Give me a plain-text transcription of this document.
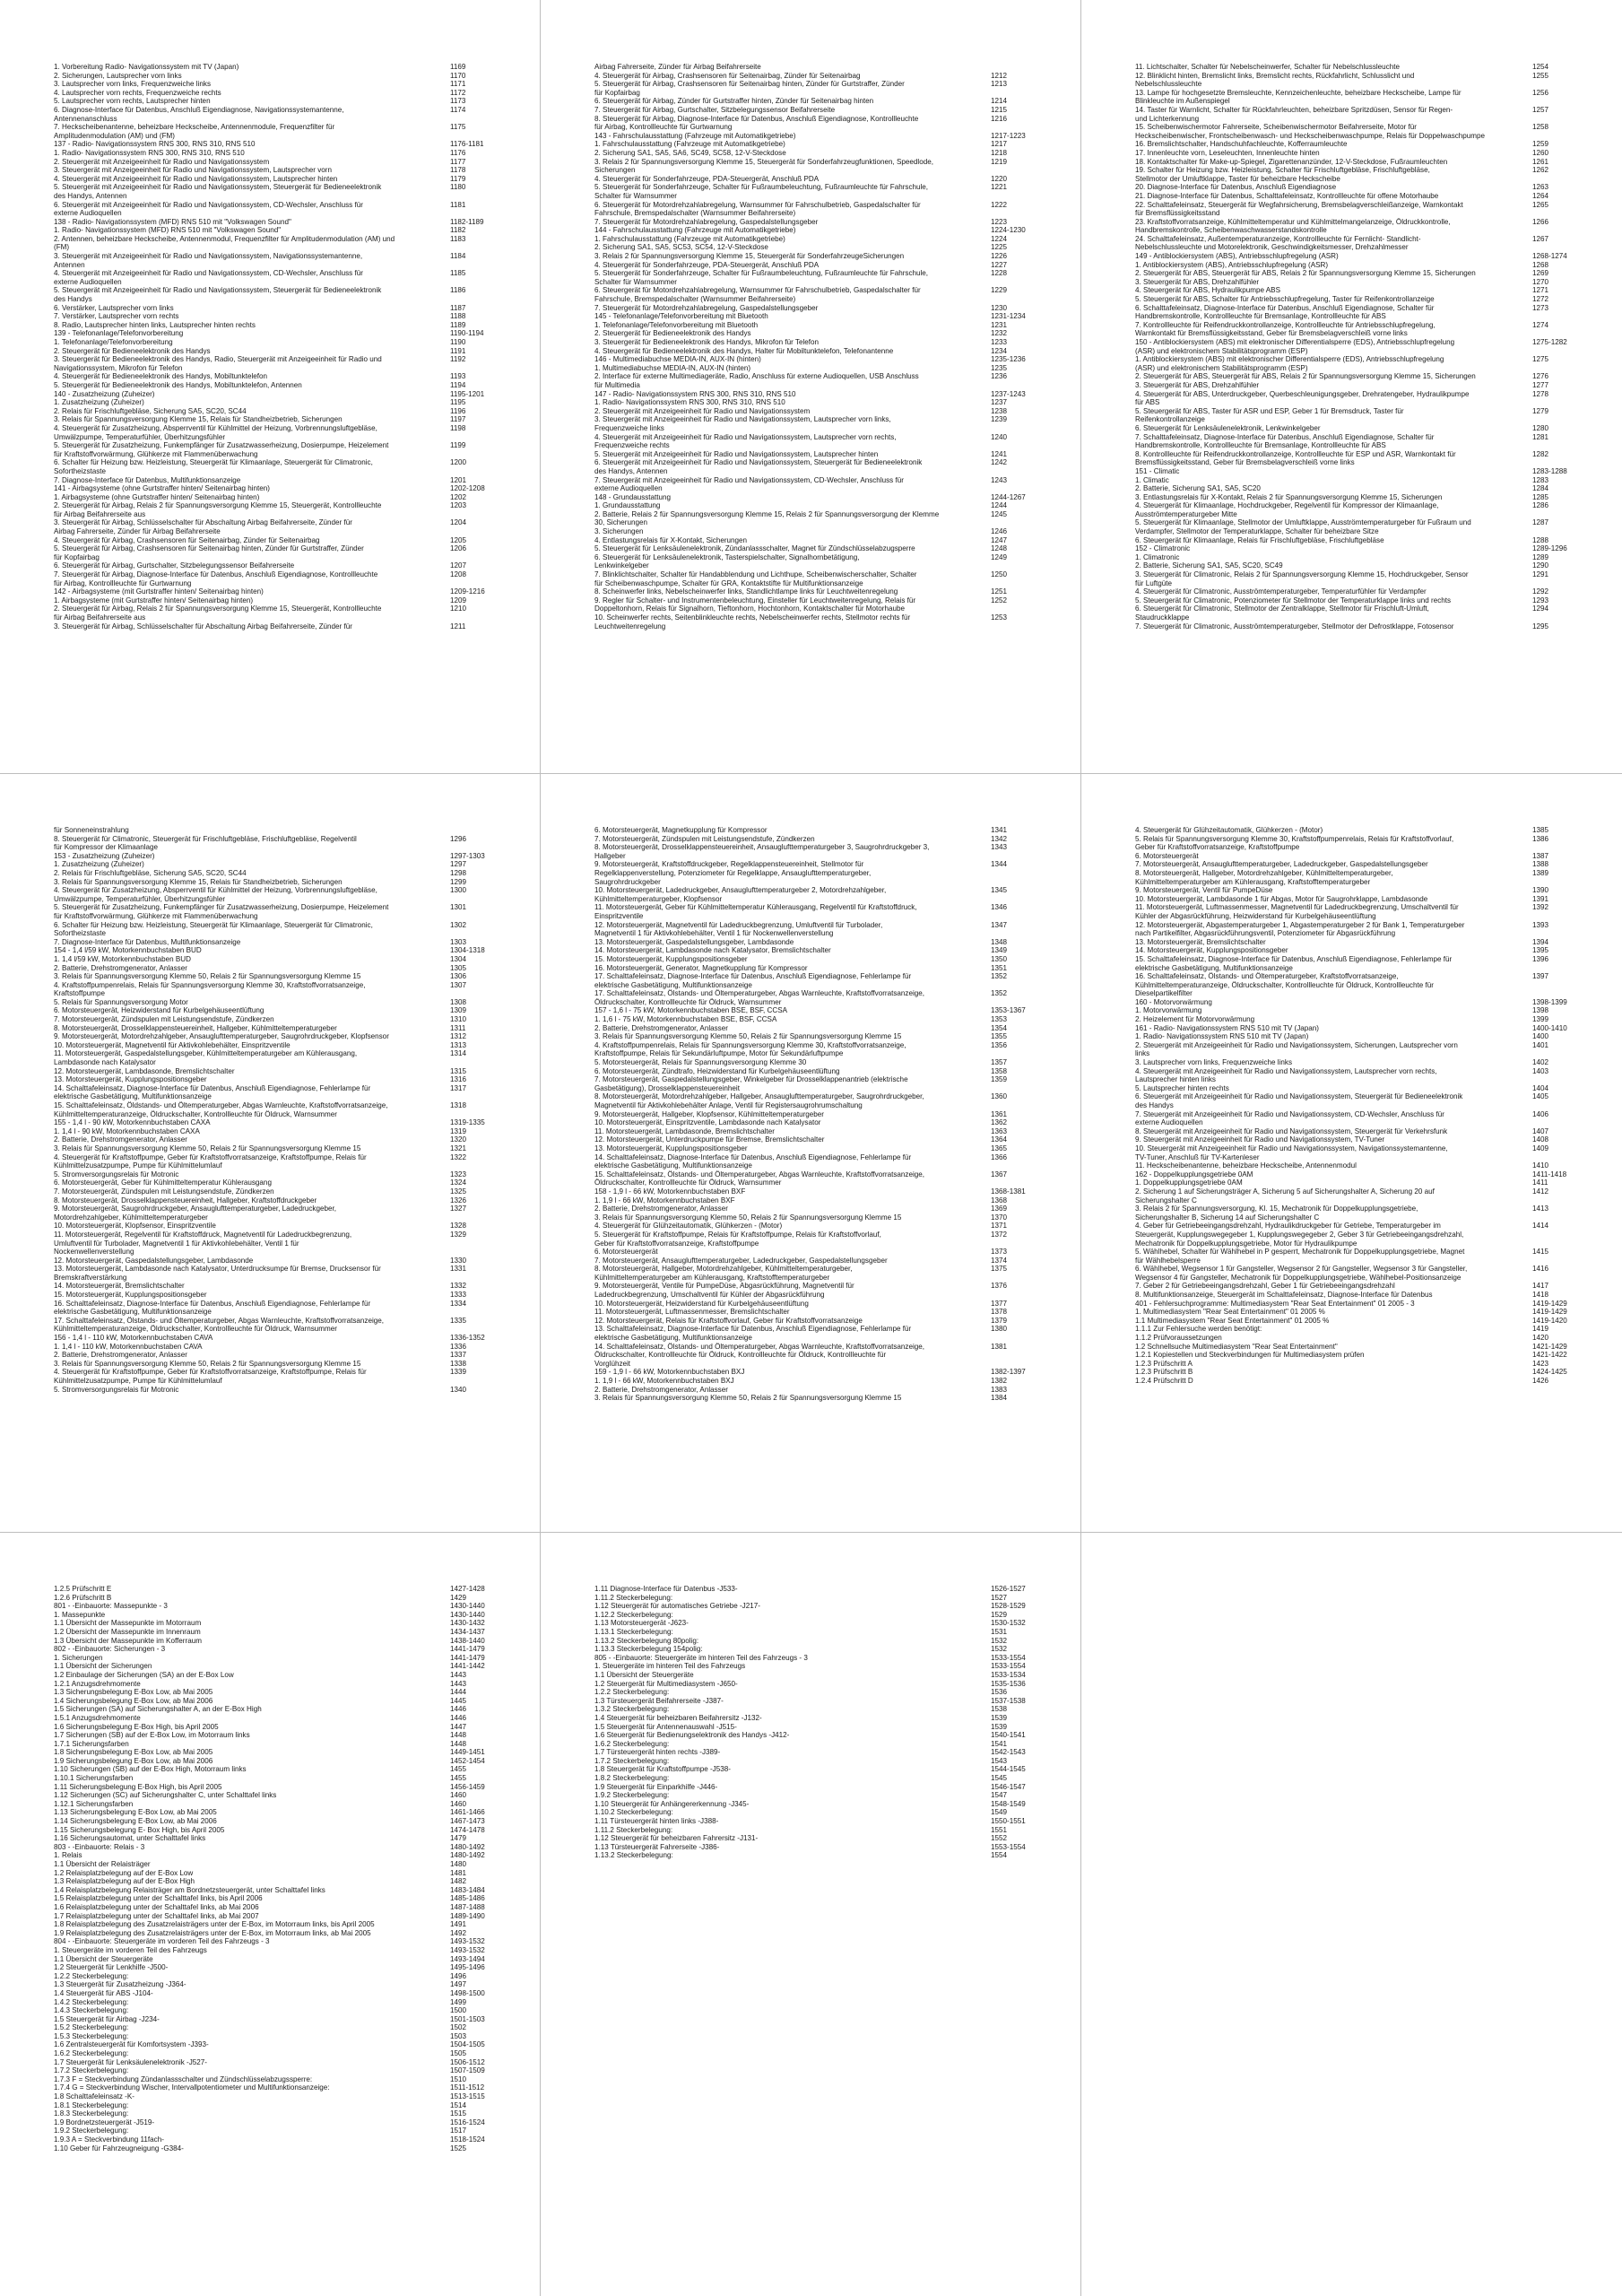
1. Vorbereitung Radio- Navigationssystem mit TV (Japan)	1169
2. Sicherungen, Lautsprecher vorn links	1170
3. Lautsprecher vorn links, Frequenzweiche links	1171
4. Lautsprecher vorn rechts, Frequenzweiche rechts	1172
5. Lautsprecher vorn rechts, Lautsprecher hinten	1173
6. Diagnose-Interface für Datenbus, Anschluß Eigendiagnose, Navigationssystemantenne,	1174
Antennenanschluss
7. Heckscheibenantenne, beheizbare Heckscheibe, Antennenmodule, Frequenzfilter für	1175
Amplitudenmodulation (AM) und (FM)
137 - Radio- Navigationssystem RNS 300, RNS 310, RNS 510	1176-1181
1. Radio- Navigationssystem RNS 300, RNS 310, RNS 510	1176
2. Steuergerät mit Anzeigeeinheit für Radio und Navigationssystem	1177
3. Steuergerät mit Anzeigeeinheit für Radio und Navigationssystem, Lautsprecher vorn	1178
4. Steuergerät mit Anzeigeeinheit für Radio und Navigationssystem, Lautsprecher hinten	1179
5. Steuergerät mit Anzeigeeinheit für Radio und Navigationssystem, Steuergerät für Bedieneelektronik	1180
des Handys, Antennen
6. Steuergerät mit Anzeigeeinheit für Radio und Navigationssystem, CD-Wechsler, Anschluss für	1181
externe Audioquellen
138 - Radio- Navigationssystem (MFD) RNS 510 mit "Volkswagen Sound"	1182-1189
1. Radio- Navigationssystem (MFD) RNS 510 mit "Volkswagen Sound"	1182
2. Antennen, beheizbare Heckscheibe, Antennenmodul, Frequenzfilter für Amplitudenmodulation (AM) und	1183
(FM)
3. Steuergerät mit Anzeigeeinheit für Radio und Navigationssystem, Navigationssystemantenne,	1184
Antennen
4. Steuergerät mit Anzeigeeinheit für Radio und Navigationssystem, CD-Wechsler, Anschluss für	1185
externe Audioquellen
5. Steuergerät mit Anzeigeeinheit für Radio und Navigationssystem, Steuergerät für Bedieneelektronik	1186
des Handys
6. Verstärker, Lautsprecher vorn links	1187
7. Verstärker, Lautsprecher vorn rechts	1188
8. Radio, Lautsprecher hinten links, Lautsprecher hinten rechts	1189
139 - Telefonanlage/Telefonvorbereitung	1190-1194
1. Telefonanlage/Telefonvorbereitung	1190
2. Steuergerät für Bedieneelektronik des Handys	1191
3. Steuergerät für Bedieneelektronik des Handys, Radio, Steuergerät mit Anzeigeeinheit für Radio und	1192
Navigationssystem, Mikrofon für Telefon
4. Steuergerät für Bedieneelektronik des Handys, Mobiltunktelefon	1193
5. Steuergerät für Bedieneelektronik des Handys, Mobiltunktelefon, Antennen	1194
140 - Zusatzheizung (Zuheizer)	1195-1201
1. Zusatzheizung (Zuheizer)	1195
2. Relais für Frischluftgebläse, Sicherung SA5, SC20, SC44	1196
3. Relais für Spannungsversorgung Klemme 15, Relais für Standheizbetrieb, Sicherungen	1197
4. Steuergerät für Zusatzheizung, Absperrventil für Kühlmittel der Heizung, Vorbrennungsluftgebläse,	1198
Umwälzpumpe, Temperaturfühler, Überhitzungsfühler
5. Steuergerät für Zusatzheizung, Funkempfänger für Zusatzwasserheizung, Dosierpumpe, Heizelement	1199
für Kraftstoffvorwärmung, Glühkerze mit Flammenüberwachung
6. Schalter für Heizung bzw. Heizleistung, Steuergerät für Klimaanlage, Steuergerät für Climatronic,	1200
Sofortheizstaste
7. Diagnose-Interface für Datenbus, Multifunktionsanzeige	1201
141 - Airbagsysteme (ohne Gurtstraffer hinten/ Seitenairbag hinten)	1202-1208
1. Airbagsysteme (ohne Gurtstraffer hinten/ Seitenairbag hinten)	1202
2. Steuergerät für Airbag, Relais 2 für Spannungsversorgung Klemme 15, Steuergerät, Kontrollleuchte	1203
für Airbag Beifahrerseite aus
3. Steuergerät für Airbag, Schlüsselschalter für Abschaltung Airbag Beifahrerseite, Zünder für	1204
Airbag Fahrerseite, Zünder für Airbag Beifahrerseite
4. Steuergerät für Airbag, Crashsensoren für Seitenairbag, Zünder für Seitenairbag	1205
5. Steuergerät für Airbag, Crashsensoren für Seitenairbag hinten, Zünder für Gurtstraffer, Zünder	1206
für Kopfairbag
6. Steuergerät für Airbag, Gurtschalter, Sitzbelegungssensor Beifahrerseite	1207
7. Steuergerät für Airbag, Diagnose-Interface für Datenbus, Anschluß Eigendiagnose, Kontrollleuchte	1208
für Airbag, Kontrollleuchte für Gurtwarnung
142 - Airbagsysteme (mit Gurtstraffer hinten/ Seitenairbag hinten)	1209-1216
1. Airbagsysteme (mit Gurtstraffer hinten/ Seitenairbag hinten)	1209
2. Steuergerät für Airbag, Relais 2 für Spannungsversorgung Klemme 15, Steuergerät, Kontrollleuchte	1210
für Airbag Beifahrerseite aus
3. Steuergerät für Airbag, Schlüsselschalter für Abschaltung Airbag Beifahrerseite, Zünder für	1211
Airbag Fahrerseite, Zünder für Airbag Beifahrerseite
4. Steuergerät für Airbag, Crashsensoren für Seitenairbag, Zünder für Seitenairbag	1212
5. Steuergerät für Airbag, Crashsensoren für Seitenairbag hinten, Zünder für Gurtstraffer, Zünder	1213
für Kopfairbag
6. Steuergerät für Airbag, Zünder für Gurtstraffer hinten, Zünder für Seitenairbag hinten	1214
7. Steuergerät für Airbag, Gurtschalter, Sitzbelegungssensor Beifahrerseite	1215
8. Steuergerät für Airbag, Diagnose-Interface für Datenbus, Anschluß Eigendiagnose, Kontrollleuchte	1216
für Airbag, Kontrollleuchte für Gurtwarnung
143 - Fahrschulausstattung (Fahrzeuge mit Automatikgetriebe)	1217-1223
1. Fahrschulausstattung (Fahrzeuge mit Automatikgetriebe)	1217
2. Sicherung SA1, SA5, SA6, SC49, SC58, 12-V-Steckdose	1218
3. Relais 2 für Spannungsversorgung Klemme 15, Steuergerät für Sonderfahrzeugfunktionen, Speedlode,	1219
Sicherungen
4. Steuergerät für Sonderfahrzeuge, PDA-Steuergerät, Anschluß PDA	1220
5. Steuergerät für Sonderfahrzeuge, Schalter für Fußraumbeleuchtung, Fußraumleuchte für Fahrschule,	1221
Schalter für Warnsummer
6. Steuergerät für Motordrehzahlabregelung, Warnsummer für Fahrschulbetrieb, Gaspedalschalter für	1222
Fahrschule, Bremspedalschalter (Warnsummer Beifahrerseite)
7. Steuergerät für Motordrehzahlabregelung, Gaspedalstellungsgeber	1223
144 - Fahrschulausstattung (Fahrzeuge mit Automatikgetriebe)	1224-1230
1. Fahrschulausstattung (Fahrzeuge mit Automatikgetriebe)	1224
2. Sicherung SA1, SA5, SC53, SC54, 12-V-Steckdose	1225
3. Relais 2 für Spannungsversorgung Klemme 15, Steuergerät für SonderfahrzeugeSicherungen	1226
4. Steuergerät für Sonderfahrzeuge, PDA-Steuergerät, Anschluß PDA	1227
5. Steuergerät für Sonderfahrzeuge, Schalter für Fußraumbeleuchtung, Fußraumleuchte für Fahrschule,	1228
Schalter für Warnsummer
6. Steuergerät für Motordrehzahlabregelung, Warnsummer für Fahrschulbetrieb, Gaspedalschalter für	1229
Fahrschule, Bremspedalschalter (Warnsummer Beifahrerseite)
7. Steuergerät für Motordrehzahlabregelung, Gaspedalstellungsgeber	1230
145 - Telefonanlage/Telefonvorbereitung mit Bluetooth	1231-1234
1. Telefonanlage/Telefonvorbereitung mit Bluetooth	1231
2. Steuergerät für Bedieneelektronik des Handys	1232
3. Steuergerät für Bedieneelektronik des Handys, Mikrofon für Telefon	1233
4. Steuergerät für Bedieneelektronik des Handys, Halter für Mobiltunktelefon, Telefonantenne	1234
146 - Multimediabuchse MEDIA-IN, AUX-IN (hinten)	1235-1236
1. Multimediabuchse MEDIA-IN, AUX-IN (hinten)	1235
2. Interface für externe Multimediageräte, Radio, Anschluss für externe Audioquellen, USB Anschluss	1236
für Multimedia
147 - Radio- Navigationssystem RNS 300, RNS 310, RNS 510	1237-1243
1. Radio- Navigationssystem RNS 300, RNS 310, RNS 510	1237
2. Steuergerät mit Anzeigeeinheit für Radio und Navigationssystem	1238
3. Steuergerät mit Anzeigeeinheit für Radio und Navigationssystem, Lautsprecher vorn links,	1239
Frequenzweiche links
4. Steuergerät mit Anzeigeeinheit für Radio und Navigationssystem, Lautsprecher vorn rechts,	1240
Frequenzweiche rechts
5. Steuergerät mit Anzeigeeinheit für Radio und Navigationssystem, Lautsprecher hinten	1241
6. Steuergerät mit Anzeigeeinheit für Radio und Navigationssystem, Steuergerät für Bedieneelektronik	1242
des Handys, Antennen
7. Steuergerät mit Anzeigeeinheit für Radio und Navigationssystem, CD-Wechsler, Anschluss für	1243
externe Audioquellen
148 - Grundausstattung	1244-1267
1. Grundausstattung	1244
2. Batterie, Relais 2 für Spannungsversorgung Klemme 15, Relais 2 für Spannungsversorgung der Klemme	1245
30, Sicherungen
3. Sicherungen	1246
4. Entlastungsrelais für X-Kontakt, Sicherungen	1247
5. Steuergerät für Lenksäulenelektronik, Zündanlassschalter, Magnet für Zündschlüsselabzugsperre	1248
6. Steuergerät für Lenksäulenelektronik, Tasterspielschalter, Signalhornbetätigung,	1249
Lenkwinkelgeber
7. Blinklichtschalter, Schalter für Handabblendung und Lichthupe, Scheibenwischerschalter, Schalter	1250
für Scheibenwaschpumpe, Schalter für GRA, Kontaktstifte für Multifunktionsanzeige
8. Scheinwerfer links, Nebelscheinwerfer links, Standlichtlampe links für Leuchtweitenregelung	1251
9. Regler für Schalter- und Instrumentenbeleuchtung, Einsteller für Leuchtweitenregelung, Relais für	1252
Doppeltonhorn, Relais für Signalhorn, Tieftonhorn, Hochtonhorn, Kontaktschalter für Motorhaube
10. Scheinwerfer rechts, Seitenblinkleuchte rechts, Nebelscheinwerfer rechts, Stellmotor rechts für	1253
Leuchtweitenregelung
11. Lichtschalter, Schalter für Nebelscheinwerfer, Schalter für Nebelschlussleuchte	1254
12. Blinklicht hinten, Bremslicht links, Bremslicht rechts, Rückfahrlicht, Schlusslicht und	1255
Nebelschlussleuchte
13. Lampe für hochgesetzte Bremsleuchte, Kennzeichenleuchte, beheizbare Heckscheibe, Lampe für	1256
Blinkleuchte im Außenspiegel
14. Taster für Warnlicht, Schalter für Rückfahrleuchten, beheizbare Spritzdüsen, Sensor für Regen-	1257
und Lichterkennung
15. Scheibenwischermotor Fahrerseite, Scheibenwischermotor Beifahrerseite, Motor für	1258
Heckscheibenwischer, Frontscheibenwasch- und Heckscheibenwaschpumpe, Relais für Doppelwaschpumpe
16. Bremslichtschalter, Handschuhfachleuchte, Kofferraumleuchte	1259
17. Innenleuchte vorn, Leseleuchten, Innenleuchte hinten	1260
18. Kontaktschalter für Make-up-Spiegel, Zigarettenanzünder, 12-V-Steckdose, Fußraumleuchten	1261
19. Schalter für Heizung bzw. Heizleistung, Schalter für Frischluftgebläse, Frischluftgebläse,	1262
Stellmotor der Umluftklappe, Taster für beheizbare Heckscheibe
20. Diagnose-Interface für Datenbus, Anschluß Eigendiagnose	1263
21. Diagnose-Interface für Datenbus, Schalttafeleinsatz, Kontrollleuchte für offene Motorhaube	1264
22. Schalttafeleinsatz, Steuergerät für Wegfahrsicherung, Bremsbelagverschleißanzeige, Warnkontakt	1265
für Bremsflüssigkeitsstand
23. Kraftstoffvorratsanzeige, Kühlmitteltemperatur und Kühlmittelmangelanzeige, Öldruckkontrolle,	1266
Handbremskontrolle, Scheibenwaschwasserstandskontrolle
24. Schalttafeleinsatz, Außentemperaturanzeige, Kontrollleuchte für Fernlicht- Standlicht-	1267
Nebelschlussleuchte und Motorelektronik, Geschwindigkeitsmesser, Drehzahlmesser
149 - Antiblockiersystem (ABS), Antriebsschlupfregelung (ASR)	1268-1274
1. Antiblockiersystem (ABS), Antriebsschlupfregelung (ASR)	1268
2. Steuergerät für ABS, Steuergerät für ABS, Relais 2 für Spannungsversorgung Klemme 15, Sicherungen	1269
3. Steuergerät für ABS, Drehzahlfühler	1270
4. Steuergerät für ABS, Hydraulikpumpe ABS	1271
5. Steuergerät für ABS, Schalter für Antriebsschlupfregelung, Taster für Reifenkontrollanzeige	1272
6. Schalttafeleinsatz, Diagnose-Interface für Datenbus, Anschluß Eigendiagnose, Schalter für	1273
Handbremskontrolle, Kontrollleuchte für Bremsanlage, Kontrollleuchte für ABS
7. Kontrollleuchte für Reifendruckkontrollanzeige, Kontrollleuchte für Antriebsschlupfregelung,	1274
Warnkontakt für Bremsflüssigkeitsstand, Geber für Bremsbelagverschleiß vorne links
150 - Antiblockiersystem (ABS) mit elektronischer Differentialsperre (EDS), Antriebsschlupfregelung	1275-1282
(ASR) und elektronischem Stabilitätsprogramm (ESP)
1. Antiblockiersystem (ABS) mit elektronischer Differentialsperre (EDS), Antriebsschlupfregelung	1275
(ASR) und elektronischem Stabilitätsprogramm (ESP)
2. Steuergerät für ABS, Steuergerät für ABS, Relais 2 für Spannungsversorgung Klemme 15, Sicherungen	1276
3. Steuergerät für ABS, Drehzahlfühler	1277
4. Steuergerät für ABS, Unterdruckgeber, Querbeschleunigungsgeber, Drehratengeber, Hydraulikpumpe	1278
für ABS
5. Steuergerät für ABS, Taster für ASR und ESP, Geber 1 für Bremsdruck, Taster für	1279
Reifenkontrollanzeige
6. Steuergerät für Lenksäulenelektronik, Lenkwinkelgeber	1280
7. Schalttafeleinsatz, Diagnose-Interface für Datenbus, Anschluß Eigendiagnose, Schalter für	1281
Handbremskontrolle, Kontrollleuchte für Bremsanlage, Kontrollleuchte für ABS
8. Kontrollleuchte für Reifendruckkontrollanzeige, Kontrollleuchte für ESP und ASR, Warnkontakt für	1282
Bremsflüssigkeitsstand, Geber für Bremsbelagverschleiß vorne links
151 - Climatic	1283-1288
1. Climatic	1283
2. Batterie, Sicherung SA1, SA5, SC20	1284
3. Entlastungsrelais für X-Kontakt, Relais 2 für Spannungsversorgung Klemme 15, Sicherungen	1285
4. Steuergerät für Klimaanlage, Hochdruckgeber, Regelventil für Kompressor der Klimaanlage,	1286
Ausströmtemperaturgeber Mitte
5. Steuergerät für Klimaanlage, Stellmotor der Umluftklappe, Ausströmtemperaturgeber für Fußraum und	1287
Verdampfer, Stellmotor der Temperaturklappe, Schalter für beheizbare Sitze
6. Steuergerät für Klimaanlage, Relais für Frischluftgebläse, Frischluftgebläse	1288
152 - Climatronic	1289-1296
1. Climatronic	1289
2. Batterie, Sicherung SA1, SA5, SC20, SC49	1290
3. Steuergerät für Climatronic, Relais 2 für Spannungsversorgung Klemme 15, Hochdruckgeber, Sensor	1291
für Luftgüte
4. Steuergerät für Climatronic, Ausströmtemperaturgeber, Temperaturfühler für Verdampfer	1292
5. Steuergerät für Climatronic, Potenziometer für Stellmotor der Temperaturklappe links und rechts	1293
6. Steuergerät für Climatronic, Stellmotor der Zentralklappe, Stellmotor für Frischluft-Umluft,	1294
Staudruckklappe
7. Steuergerät für Climatronic, Ausströmtemperaturgeber, Stellmotor der Defrostklappe, Fotosensor	1295
für Sonneneinstrahlung
8. Steuergerät für Climatronic, Steuergerät für Frischluftgebläse, Frischluftgebläse, Regelventil	1296
für Kompressor der Klimaanlage
153 - Zusatzheizung (Zuheizer)	1297-1303
1. Zusatzheizung (Zuheizer)	1297
2. Relais für Frischluftgebläse, Sicherung SA5, SC20, SC44	1298
3. Relais für Spannungsversorgung Klemme 15, Relais für Standheizbetrieb, Sicherungen	1299
4. Steuergerät für Zusatzheizung, Absperrventil für Kühlmittel der Heizung, Vorbrennungsluftgebläse,	1300
Umwälzpumpe, Temperaturfühler, Überhitzungsfühler
5. Steuergerät für Zusatzheizung, Funkempfänger für Zusatzwasserheizung, Dosierpumpe, Heizelement	1301
für Kraftstoffvorwärmung, Glühkerze mit Flammenüberwachung
6. Schalter für Heizung bzw. Heizleistung, Steuergerät für Klimaanlage, Steuergerät für Climatronic,	1302
Sofortheizstaste
7. Diagnose-Interface für Datenbus, Multifunktionsanzeige	1303
154 - 1,4 l/59 kW, Motorkennbuchstaben BUD	1304-1318
1. 1,4 l/59 kW, Motorkennbuchstaben BUD	1304
2. Batterie, Drehstromgenerator, Anlasser	1305
3. Relais für Spannungsversorgung Klemme 50, Relais 2 für Spannungsversorgung Klemme 15	1306
4. Kraftstoffpumpenrelais, Relais für Spannungsversorgung Klemme 30, Kraftstoffvorratsanzeige,	1307
Kraftstoffpumpe
5. Relais für Spannungsversorgung Motor	1308
6. Motorsteuergerät, Heizwiderstand für Kurbelgehäuseentlüftung	1309
7. Motorsteuergerät, Zündspulen mit Leistungsendstufe, Zündkerzen	1310
8. Motorsteuergerät, Drosselklappensteuereinheit, Hallgeber, Kühlmitteltemperaturgeber	1311
9. Motorsteuergerät, Motordrehzahlgeber, Ansauglufttemperaturgeber, Saugrohrdruckgeber, Klopfsensor	1312
10. Motorsteuergerät, Magnetventil für Aktivkohlebehälter, Einspritzventile	1313
11. Motorsteuergerät, Gaspedalstellungsgeber, Kühlmitteltemperaturgeber am Kühlerausgang,	1314
Lambdasonde nach Katalysator
12. Motorsteuergerät, Lambdasonde, Bremslichtschalter	1315
13. Motorsteuergerät, Kupplungspositionsgeber	1316
14. Schalttafeleinsatz, Diagnose-Interface für Datenbus, Anschluß Eigendiagnose, Fehlerlampe für	1317
elektrische Gasbetätigung, Multifunktionsanzeige
15. Schalttafeleinsatz, Öldstands- und Öltemperaturgeber, Abgas Warnleuchte, Kraftstoffvorratsanzeige,	1318
Kühlmitteltemperaturanzeige, Öldruckschalter, Kontrollleuchte für Öldruck, Warnsummer
155 - 1,4 l - 90 kW, Motorkennbuchstaben CAXA	1319-1335
1. 1,4 l - 90 kW, Motorkennbuchstaben CAXA	1319
2. Batterie, Drehstromgenerator, Anlasser	1320
3. Relais für Spannungsversorgung Klemme 50, Relais 2 für Spannungsversorgung Klemme 15	1321
4. Steuergerät für Kraftstoffpumpe, Geber für Kraftstoffvorratsanzeige, Kraftstoffpumpe, Relais für	1322
Kühlmittelzusatzpumpe, Pumpe für Kühlmittelumlauf
5. Stromversorgungsrelais für Motronic	1323
6. Motorsteuergerät, Geber für Kühlmitteltemperatur Kühlerausgang	1324
7. Motorsteuergerät, Zündspulen mit Leistungsendstufe, Zündkerzen	1325
8. Motorsteuergerät, Drosselklappensteuereinheit, Hallgeber, Kraftstoffdruckgeber	1326
9. Motorsteuergerät, Saugrohrdruckgeber, Ansauglufttemperaturgeber, Ladedruckgeber,	1327
Motordrehzahlgeber, Kühlmitteltemperaturgeber
10. Motorsteuergerät, Klopfsensor, Einspritzventile	1328
11. Motorsteuergerät, Regelventil für Kraftstoffdruck, Magnetventil für Ladedruckbegrenzung,	1329
Umluftventil für Turbolader, Magnetventil 1 für Aktivkohlebehälter, Ventil 1 für
Nockenwellenverstellung
12. Motorsteuergerät, Gaspedalstellungsgeber, Lambdasonde	1330
13. Motorsteuergerät, Lambdasonde nach Katalysator, Unterdrucksumpe für Bremse, Drucksensor für	1331
Bremskraftverstärkung
14. Motorsteuergerät, Bremslichtschalter	1332
15. Motorsteuergerät, Kupplungspositionsgeber	1333
16. Schalttafeleinsatz, Diagnose-Interface für Datenbus, Anschluß Eigendiagnose, Fehlerlampe für	1334
elektrische Gasbetätigung, Multifunktionsanzeige
17. Schalttafeleinsatz, Ölstands- und Öltemperaturgeber, Abgas Warnleuchte, Kraftstoffvorratsanzeige,	1335
Kühlmitteltemperaturanzeige, Öldruckschalter, Kontrollleuchte für Öldruck, Warnsummer
156 - 1,4 l - 110 kW, Motorkennbuchstaben CAVA	1336-1352
1. 1,4 l - 110 kW, Motorkennbuchstaben CAVA	1336
2. Batterie, Drehstromgenerator, Anlasser	1337
3. Relais für Spannungsversorgung Klemme 50, Relais 2 für Spannungsversorgung Klemme 15	1338
4. Steuergerät für Kraftstoffpumpe, Geber für Kraftstoffvorratsanzeige, Kraftstoffpumpe, Relais für	1339
Kühlmittelzusatzpumpe, Pumpe für Kühlmittelumlauf
5. Stromversorgungsrelais für Motronic	1340
6. Motorsteuergerät, Magnetkupplung für Kompressor	1341
7. Motorsteuergerät, Zündspulen mit Leistungsendstufe, Zündkerzen	1342
8. Motorsteuergerät, Drosselklappensteuereinheit, Ansauglufttemperaturgeber 3, Saugrohrdruckgeber 3,	1343
Hallgeber
9. Motorsteuergerät, Kraftstoffdruckgeber, Regelklappensteuereinheit, Stellmotor für	1344
Regelklappenverstellung, Potenziometer für Regelklappe, Ansauglufttemperaturgeber,
Saugrohrdruckgeber
10. Motorsteuergerät, Ladedruckgeber, Ansauglufttemperaturgeber 2, Motordrehzahlgeber,	1345
Kühlmitteltemperaturgeber, Klopfsensor
11. Motorsteuergerät, Geber für Kühlmitteltemperatur Kühlerausgang, Regelventil für Kraftstoffdruck,	1346
Einspritzventile
12. Motorsteuergerät, Magnetventil für Ladedruckbegrenzung, Umluftventil für Turbolader,	1347
Magnetventil 1 für Aktivkohlebehälter, Ventil 1 für Nockenwellenverstellung
13. Motorsteuergerät, Gaspedalstellungsgeber, Lambdasonde	1348
14. Motorsteuergerät, Lambdasonde nach Katalysator, Bremslichtschalter	1349
15. Motorsteuergerät, Kupplungspositionsgeber	1350
16. Motorsteuergerät, Generator, Magnetkupplung für Kompressor	1351
17. Schalttafeleinsatz, Diagnose-Interface für Datenbus, Anschluß Eigendiagnose, Fehlerlampe für	1352
elektrische Gasbetätigung, Multifunktionsanzeige
17. Schalttafeleinsatz, Ölstands- und Öltemperaturgeber, Abgas Warnleuchte, Kraftstoffvorratsanzeige,	1352
Öldruckschalter, Kontrollleuchte für Öldruck, Warnsummer
157 - 1,6 l - 75 kW, Motorkennbuchstaben BSE, BSF, CCSA	1353-1367
1. 1,6 l - 75 kW, Motorkennbuchstaben BSE, BSF, CCSA	1353
2. Batterie, Drehstromgenerator, Anlasser	1354
3. Relais für Spannungsversorgung Klemme 50, Relais 2 für Spannungsversorgung Klemme 15	1355
4. Kraftstoffpumpenrelais, Relais für Spannungsversorgung Klemme 30, Kraftstoffvorratsanzeige,	1356
Kraftstoffpumpe, Relais für Sekundärluftpumpe, Motor für Sekundärluftpumpe
5. Motorsteuergerät, Relais für Spannungsversorgung Klemme 30	1357
6. Motorsteuergerät, Zündtrafo, Heizwiderstand für Kurbelgehäuseentlüftung	1358
7. Motorsteuergerät, Gaspedalstellungsgeber, Winkelgeber für Drosselklappenantrieb (elektrische	1359
Gasbetätigung), Drosselklappensteuereinheit
8. Motorsteuergerät, Motordrehzahlgeber, Hallgeber, Ansauglufttemperaturgeber, Saugrohrdruckgeber,	1360
Magnetventil für Aktivkohlebehälter Anlage, Ventil für Registersaugrohrumschaltung
9. Motorsteuergerät, Hallgeber, Klopfsensor, Kühlmitteltemperaturgeber	1361
10. Motorsteuergerät, Einspritzventile, Lambdasonde nach Katalysator	1362
11. Motorsteuergerät, Lambdasonde, Bremslichtschalter	1363
12. Motorsteuergerät, Unterdruckpumpe für Bremse, Bremslichtschalter	1364
13. Motorsteuergerät, Kupplungspositionsgeber	1365
14. Schalttafeleinsatz, Diagnose-Interface für Datenbus, Anschluß Eigendiagnose, Fehlerlampe für	1366
elektrische Gasbetätigung, Multifunktionsanzeige
15. Schalttafeleinsatz, Ölstands- und Öltemperaturgeber, Abgas Warnleuchte, Kraftstoffvorratsanzeige,	1367
Öldruckschalter, Kontrollleuchte für Öldruck, Warnsummer
158 - 1,9 l - 66 kW, Motorkennbuchstaben BXF	1368-1381
1. 1,9 l - 66 kW, Motorkennbuchstaben BXF	1368
2. Batterie, Drehstromgenerator, Anlasser	1369
3. Relais für Spannungsversorgung Klemme 50, Relais 2 für Spannungsversorgung Klemme 15	1370
4. Steuergerät für Glühzeitautomatik, Glühkerzen - (Motor)	1371
5. Steuergerät für Kraftstoffpumpe, Relais für Kraftstoffpumpe, Relais für Kraftstoffvorlauf,	1372
Geber für Kraftstoffvorratsanzeige, Kraftstoffpumpe
6. Motorsteuergerät	1373
7. Motorsteuergerät, Ansauglufttemperaturgeber, Ladedruckgeber, Gaspedalstellungsgeber	1374
8. Motorsteuergerät, Hallgeber, Motordrehzahlgeber, Kühlmitteltemperaturgeber,	1375
Kühlmitteltemperaturgeber am Kühlerausgang, Kraftstofftemperaturgeber
9. Motorsteuergerät, Ventile für PumpeDüse, Abgasrückführung, Magnetventil für	1376
Ladedruckbegrenzung, Umschaltventil für Kühler der Abgasrückführung
10. Motorsteuergerät, Heizwiderstand für Kurbelgehäuseentlüftung	1377
11. Motorsteuergerät, Luftmassenmesser, Bremslichtschalter	1378
12. Motorsteuergerät, Relais für Kraftstoffvorlauf, Geber für Kraftstoffvorratsanzeige	1379
13. Schalttafeleinsatz, Diagnose-Interface für Datenbus, Anschluß Eigendiagnose, Fehlerlampe für	1380
elektrische Gasbetätigung, Multifunktionsanzeige
14. Schalttafeleinsatz, Ölstands- und Öltemperaturgeber, Abgas Warnleuchte, Kraftstoffvorratsanzeige,	1381
Öldruckschalter, Kontrollleuchte für Öldruck, Kontrollleuchte für Öldruck, Kontrollleuchte für
Vorglühzeit
159 - 1,9 l - 66 kW, Motorkennbuchstaben BXJ	1382-1397
1. 1,9 l - 66 kW, Motorkennbuchstaben BXJ	1382
2. Batterie, Drehstromgenerator, Anlasser	1383
3. Relais für Spannungsversorgung Klemme 50, Relais 2 für Spannungsversorgung Klemme 15	1384
4. Steuergerät für Glühzeitautomatik, Glühkerzen - (Motor)	1385
5. Relais für Spannungsversorgung Klemme 30, Kraftstoffpumpenrelais, Relais für Kraftstoffvorlauf,	1386
Geber für Kraftstoffvorratsanzeige, Kraftstoffpumpe
6. Motorsteuergerät	1387
7. Motorsteuergerät, Ansauglufttemperaturgeber, Ladedruckgeber, Gaspedalstellungsgeber	1388
8. Motorsteuergerät, Hallgeber, Motordrehzahlgeber, Kühlmitteltemperaturgeber,	1389
Kühlmitteltemperaturgeber am Kühlerausgang, Kraftstofftemperaturgeber
9. Motorsteuergerät, Ventil für PumpeDüse	1390
10. Motorsteuergerät, Lambdasonde 1 für Abgas, Motor für Saugrohrklappe, Lambdasonde	1391
11. Motorsteuergerät, Luftmassenmesser, Magnetventil für Ladedruckbegrenzung, Umschaltventil für	1392
Kühler der Abgasrückführung, Heizwiderstand für Kurbelgehäuseentlüftung
12. Motorsteuergerät, Abgastemperaturgeber 1, Abgastemperaturgeber 2 für Bank 1, Temperaturgeber	1393
nach Partikelfilter, Abgasrückführungsventil, Potenziometer für Abgasrückführung
13. Motorsteuergerät, Bremslichtschalter	1394
14. Motorsteuergerät, Kupplungspositionsgeber	1395
15. Schalttafeleinsatz, Diagnose-Interface für Datenbus, Anschluß Eigendiagnose, Fehlerlampe für	1396
elektrische Gasbetätigung, Multifunktionsanzeige
16. Schalttafeleinsatz, Ölstands- und Öltemperaturgeber, Kraftstoffvorratsanzeige,	1397
Kühlmitteltemperaturanzeige, Öldruckschalter, Kontrollleuchte für Öldruck, Kontrollleuchte für
Dieselpartikelfilter
160 - Motorvorwärmung	1398-1399
1. Motorvorwärmung	1398
2. Heizelement für Motorvorwärmung	1399
161 - Radio- Navigationssystem RNS 510 mit TV (Japan)	1400-1410
1. Radio- Navigationssystem RNS 510 mit TV (Japan)	1400
2. Steuergerät mit Anzeigeeinheit für Radio und Navigationssystem, Sicherungen, Lautsprecher vorn	1401
links
3. Lautsprecher vorn links, Frequenzweiche links	1402
4. Steuergerät mit Anzeigeeinheit für Radio und Navigationssystem, Lautsprecher vorn rechts,	1403
Lautsprecher hinten links
5. Lautsprecher hinten rechts	1404
6. Steuergerät mit Anzeigeeinheit für Radio und Navigationssystem, Steuergerät für Bedieneelektronik	1405
des Handys
7. Steuergerät mit Anzeigeeinheit für Radio und Navigationssystem, CD-Wechsler, Anschluss für	1406
externe Audioquellen
8. Steuergerät mit Anzeigeeinheit für Radio und Navigationssystem, Steuergerät für Verkehrsfunk	1407
9. Steuergerät mit Anzeigeeinheit für Radio und Navigationssystem, TV-Tuner	1408
10. Steuergerät mit Anzeigeeinheit für Radio und Navigationssystem, Navigationssystemantenne,	1409
TV-Tuner, Anschluß für TV-Kartenleser
11. Heckscheibenantenne, beheizbare Heckscheibe, Antennenmodul	1410
162 - Doppelkupplungsgetriebe 0AM	1411-1418
1. Doppelkupplungsgetriebe 0AM	1411
2. Sicherung 1 auf Sicherungsträger A, Sicherung 5 auf Sicherungshalter A, Sicherung 20 auf	1412
Sicherungshalter C
3. Relais 2 für Spannungsversorgung, Kl. 15, Mechatronik für Doppelkupplungsgetriebe,	1413
Sicherungshalter B, Sicherung 14 auf Sicherungshalter C
4. Geber für Getriebeeingangsdrehzahl, Hydraulikdruckgeber für Getriebe, Temperaturgeber im	1414
Steuergerät, Kupplungswegegeber 1, Kupplungswegegeber 2, Geber 3 für Getriebeeingangsdrehzahl,
Mechatronik für Doppelkupplungsgetriebe, Motor für Hydraulikpumpe
5. Wählhebel, Schalter für Wählhebel in P gesperrt, Mechatronik für Doppelkupplungsgetriebe, Magnet	1415
für Wählhebelsperre
6. Wählhebel, Wegsensor 1 für Gangsteller, Wegsensor 2 für Gangsteller, Wegsensor 3 für Gangsteller,	1416
Wegsensor 4 für Gangsteller, Mechatronik für Doppelkupplungsgetriebe, Wählhebel-Positionsanzeige
7. Geber 2 für Getriebeeingangsdrehzahl, Geber 1 für Getriebeeingangsdrehzahl	1417
8. Multifunktionsanzeige, Steuergerät im Schalttafeleinsatz, Diagnose-Interface für Datenbus	1418
401 - Fehlersuchprogramme: Multimediasystem "Rear Seat Entertainment" 01 2005 - 3	1419-1429
1. Multimediasystem "Rear Seat Entertainment" 01 2005 %	1419-1429
1.1 Multimediasystem "Rear Seat Entertainment" 01 2005 %	1419-1420
1.1.1 Zur Fehlersuche werden benötigt:	1419
1.1.2 Prüfvoraussetzungen	1420
1.2 Schnellsuche Multimediasystem "Rear Seat Entertainment"	1421-1429
1.2.1 Kopiestellen und Steckverbindungen für Multimediasystem prüfen	1421-1422
1.2.3 Prüfschritt A	1423
1.2.3 Prüfschritt B	1424-1425
1.2.4 Prüfschritt D	1426
1.2.5 Prüfschritt E	1427-1428
1.2.6 Prüfschritt B	1429
801 - -Einbauorte: Massepunkte - 3	1430-1440
1. Massepunkte	1430-1440
1.1 Übersicht der Massepunkte im Motorraum	1430-1432
1.2 Übersicht der Massepunkte im Innenraum	1434-1437
1.3 Übersicht der Massepunkte im Kofferraum	1438-1440
802 - -Einbauorte: Sicherungen - 3	1441-1479
1. Sicherungen	1441-1479
1.1 Übersicht der Sicherungen	1441-1442
1.2 Einbaulage der Sicherungen (SA) an der E-Box Low	1443
1.2.1 Anzugsdrehmomente	1443
1.3 Sicherungsbelegung E-Box Low, ab Mai 2005	1444
1.4 Sicherungsbelegung E-Box Low, ab Mai 2006	1445
1.5 Sicherungen (SA) auf Sicherungshalter A, an der E-Box High	1446
1.5.1 Anzugsdrehmomente	1446
1.6 Sicherungsbelegung E-Box High, bis April 2005	1447
1.7 Sicherungen (SB) auf der E-Box Low, im Motorraum links	1448
1.7.1 Sicherungsfarben	1448
1.8 Sicherungsbelegung E-Box Low, ab Mai 2005	1449-1451
1.9 Sicherungsbelegung E-Box Low, ab Mai 2006	1452-1454
1.10 Sicherungen (SB) auf der E-Box High, Motorraum links	1455
1.10.1 Sicherungsfarben	1455
1.11 Sicherungsbelegung E-Box High, bis April 2005	1456-1459
1.12 Sicherungen (SC) auf Sicherungshalter C, unter Schalttafel links	1460
1.12.1 Sicherungsfarben	1460
1.13 Sicherungsbelegung E-Box Low, ab Mai 2005	1461-1466
1.14 Sicherungsbelegung E-Box Low, ab Mai 2006	1467-1473
1.15 Sicherungsbelegung E- Box High, bis April 2005	1474-1478
1.16 Sicherungsautomat, unter Schalttafel links	1479
803 - -Einbauorte: Relais - 3	1480-1492
1. Relais	1480-1492
1.1 Übersicht der Relaisträger	1480
1.2 Relaisplatzbelegung auf der E-Box Low	1481
1.3 Relaisplatzbelegung auf der E-Box High	1482
1.4 Relaisplatzbelegung Relaisträger am Bordnetzsteuergerät, unter Schalttafel links	1483-1484
1.5 Relaisplatzbelegung unter der Schalttafel links, bis April 2006	1485-1486
1.6 Relaisplatzbelegung unter der Schalttafel links, ab Mai 2006	1487-1488
1.7 Relaisplatzbelegung unter der Schalttafel links, ab Mai 2007	1489-1490
1.8 Relaisplatzbelegung des Zusatzrelaisträgers unter der E-Box, im Motorraum links, bis April 2005	1491
1.9 Relaisplatzbelegung des Zusatzrelaisträgers unter der E-Box, im Motorraum links, ab Mai 2005	1492
804 - -Einbauorte: Steuergeräte im vorderen Teil des Fahrzeugs - 3	1493-1532
1. Steuergeräte im vorderen Teil des Fahrzeugs	1493-1532
1.1 Übersicht der Steuergeräte	1493-1494
1.2 Steuergerät für Lenkhilfe -J500-	1495-1496
1.2.2 Steckerbelegung:	1496
1.3 Steuergerät für Zusatzheizung -J364-	1497
1.4 Steuergerät für ABS -J104-	1498-1500
1.4.2 Steckerbelegung:	1499
1.4.3 Steckerbelegung:	1500
1.5 Steuergerät für Airbag -J234-	1501-1503
1.5.2 Steckerbelegung:	1502
1.5.3 Steckerbelegung:	1503
1.6 Zentralsteuergerät für Komfortsystem -J393-	1504-1505
1.6.2 Steckerbelegung:	1505
1.7 Steuergerät für Lenksäulenelektronik -J527-	1506-1512
1.7.2 Steckerbelegung:	1507-1509
1.7.3 F = Steckverbindung Zündanlassschalter und Zündschlüsselabzugssperre:	1510
1.7.4 G = Steckverbindung Wischer, Intervallpotentiometer und Multifunktionsanzeige:	1511-1512
1.8 Schalttafeleinsatz -K-	1513-1515
1.8.1 Steckerbelegung:	1514
1.8.3 Steckerbelegung:	1515
1.9 Bordnetzsteuergerät -J519-	1516-1524
1.9.2 Steckerbelegung:	1517
1.9.3 A = Steckverbindung 11fach-	1518-1524
1.10 Geber für Fahrzeugneigung -G384-	1525
1.11 Diagnose-Interface für Datenbus -J533-	1526-1527
1.11.2 Steckerbelegung:	1527
1.12 Steuergerät für automatisches Getriebe -J217-	1528-1529
1.12.2 Steckerbelegung:	1529
1.13 Motorsteuergerät -J623-	1530-1532
1.13.1 Steckerbelegung:	1531
1.13.2 Steckerbelegung 80polig:	1532
1.13.3 Steckerbelegung 154polig:	1532
805 - -Einbauorte: Steuergeräte im hinteren Teil des Fahrzeugs - 3	1533-1554
1. Steuergeräte im hinteren Teil des Fahrzeugs	1533-1554
1.1 Übersicht der Steuergeräte	1533-1534
1.2 Steuergerät für Multimediasystem -J650-	1535-1536
1.2.2 Steckerbelegung:	1536
1.3 Türsteuergerät Beifahrerseite -J387-	1537-1538
1.3.2 Steckerbelegung:	1538
1.4 Steuergerät für beheizbaren Beifahrersitz -J132-	1539
1.5 Steuergerät für Antennenauswahl -J515-	1539
1.6 Steuergerät für Bedienungselektronik des Handys -J412-	1540-1541
1.6.2 Steckerbelegung:	1541
1.7 Türsteuergerät hinten rechts -J389-	1542-1543
1.7.2 Steckerbelegung:	1543
1.8 Steuergerät für Kraftstoffpumpe -J538-	1544-1545
1.8.2 Steckerbelegung:	1545
1.9 Steuergerät für Einparkhilfe -J446-	1546-1547
1.9.2 Steckerbelegung:	1547
1.10 Steuergerät für Anhängererkennung -J345-	1548-1549
1.10.2 Steckerbelegung:	1549
1.11 Türsteuergerät hinten links -J388-	1550-1551
1.11.2 Steckerbelegung:	1551
1.12 Steuergerät für beheizbaren Fahrersitz -J131-	1552
1.13 Türsteuergerät Fahrerseite -J386-	1553-1554
1.13.2 Steckerbelegung:	1554
